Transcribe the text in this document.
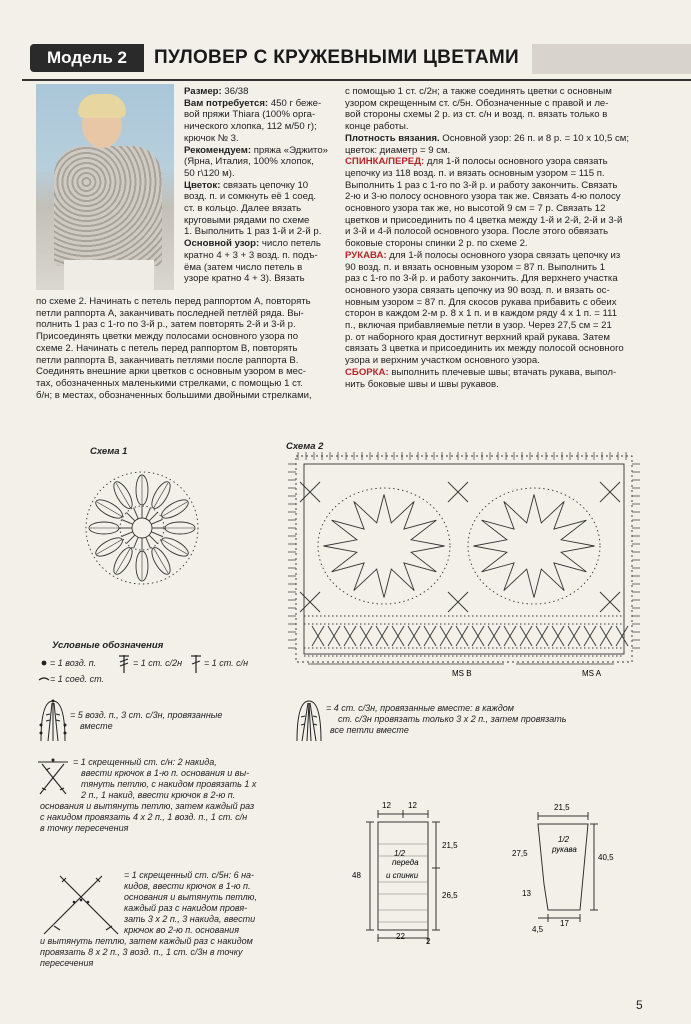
Модель 2	ПУЛОВЕР С КРУЖЕВНЫМИ ЦВЕТАМИ

Размер: 36/38

Вам потребуется: 450 г беже-

вой пряжи Thiara (100% орга-

нического хлопка, 112 м/50 г);

крючок № 3.

Рекомендуем: пряжа «Эджито»

(Ярна, Италия, 100% хлопок,

50 г\120 м).

Цветок: связать цепочку 10

возд. п. и сомкнуть её 1 соед.

ст. в кольцо. Далее вязать

круговыми рядами по схеме

1. Выполнить 1 раз 1-й и 2-й р.

Основной узор: число петель

кратно 4 + 3 + 3 возд. п. подъ-

ёма (затем число петель в

узоре кратно 4 + 3). Вязать

по схеме 2. Начинать с петель перед раппортом А, повторять

петли раппорта А, заканчивать последней петлёй ряда. Вы-

полнить 1 раз с 1-го по 3-й р., затем повторять 2-й и 3-й р.

Присоединять цветки между полосами основного узора по

схеме 2. Начинать с петель перед раппортом В, повторять

петли раппорта В, заканчивать петлями после раппорта В.

Соединять внешние арки цветков с основным узором в мес-

тах, обозначенных маленькими стрелками, с помощью 1 ст.

б/н; в местах, обозначенных большими двойными стрелками,

с помощью 1 ст. с/2н; а также соединять цветки с основным

узором скрещенным ст. с/5н. Обозначенные с правой и ле-

вой стороны схемы 2 р. из ст. с/н и возд. п. вязать только в

конце работы.

Плотность вязания. Основной узор: 26 п. и 8 р. = 10 х 10,5 см;

цветок: диаметр = 9 см.

СПИНКА/ПЕРЕД: для 1-й полосы основного узора связать

цепочку из 118 возд. п. и вязать основным узором = 115 п.

Выполнить 1 раз с 1-го по 3-й р. и работу закончить. Связать

2-ю и 3-ю полосу основного узора так же. Связать 4-ю полосу

основного узора так же, но высотой 9 см = 7 р. Связать 12

цветков и присоединить по 4 цветка между 1-й и 2-й, 2-й и 3-й

и 3-й и 4-й полосой основного узора. После этого обвязать

боковые стороны спинки 2 р. по схеме 2.

РУКАВА: для 1-й полосы основного узора связать цепочку из

90 возд. п. и вязать основным узором = 87 п. Выполнить 1

раз с 1-го по 3-й р. и работу закончить. Для верхнего участка

основного узора связать цепочку из 90 возд. п. и вязать ос-

новным узором = 87 п. Для скосов рукава прибавить с обеих

сторон в каждом 2-м р. 8 х 1 п. и в каждом ряду 4 х 1 п. = 111

п., включая прибавляемые петли в узор. Через 27,5 см = 21

р. от наборного края достигнут верхний край рукава. Затем

связать 3 цветка и присоединить их между полосой основного

узора и верхним участком основного узора.

СБОРКА: выполнить плечевые швы; втачать рукава, выпол-

нить боковые швы и швы рукавов.

Схема 1	Схема 2
MS B	MS A
Условные обозначения
= 1 возд. п.	= 1 ст. с/2н = 1 ст. с/н
= 1 соед. ст.
= 5 возд. п., 3 ст. с/3н, провязанные
вместе
= 4 ст. с/3н, провязанные вместе: в каждом
ст. с/3н провязать только 3 х 2 п., затем провязать
все петли вместе
= 1 скрещенный ст. с/н: 2 накида,
ввести крючок в 1-ю п. основания и вы-
тянуть петлю, с накидом провязать 1 х
2 п., 1 накид, ввести крючок в 2-ю п.
основания и вытянуть петлю, затем каждый раз
с накидом провязать 4 х 2 п., 1 возд. п., 1 ст. с/н
в точку пересечения
= 1 скрещенный ст. с/5н: 6 на-
кидов, ввести крючок в 1-ю п.
основания и вытянуть петлю,
каждый раз с накидом провя-
зать 3 х 2 п., 3 накида, ввести
крючок во 2-ю п. основания
и вытянуть петлю, затем каждый раз с накидом
провязать 8 х 2 п., 3 возд. п., 1 ст. с/3н в точку
пересечения
12 12
21,5
26,5
48
22
2
1/2
переда
и спинки
21,5
27,5	40,5
13
4,5
17
1/2
рукава
5
